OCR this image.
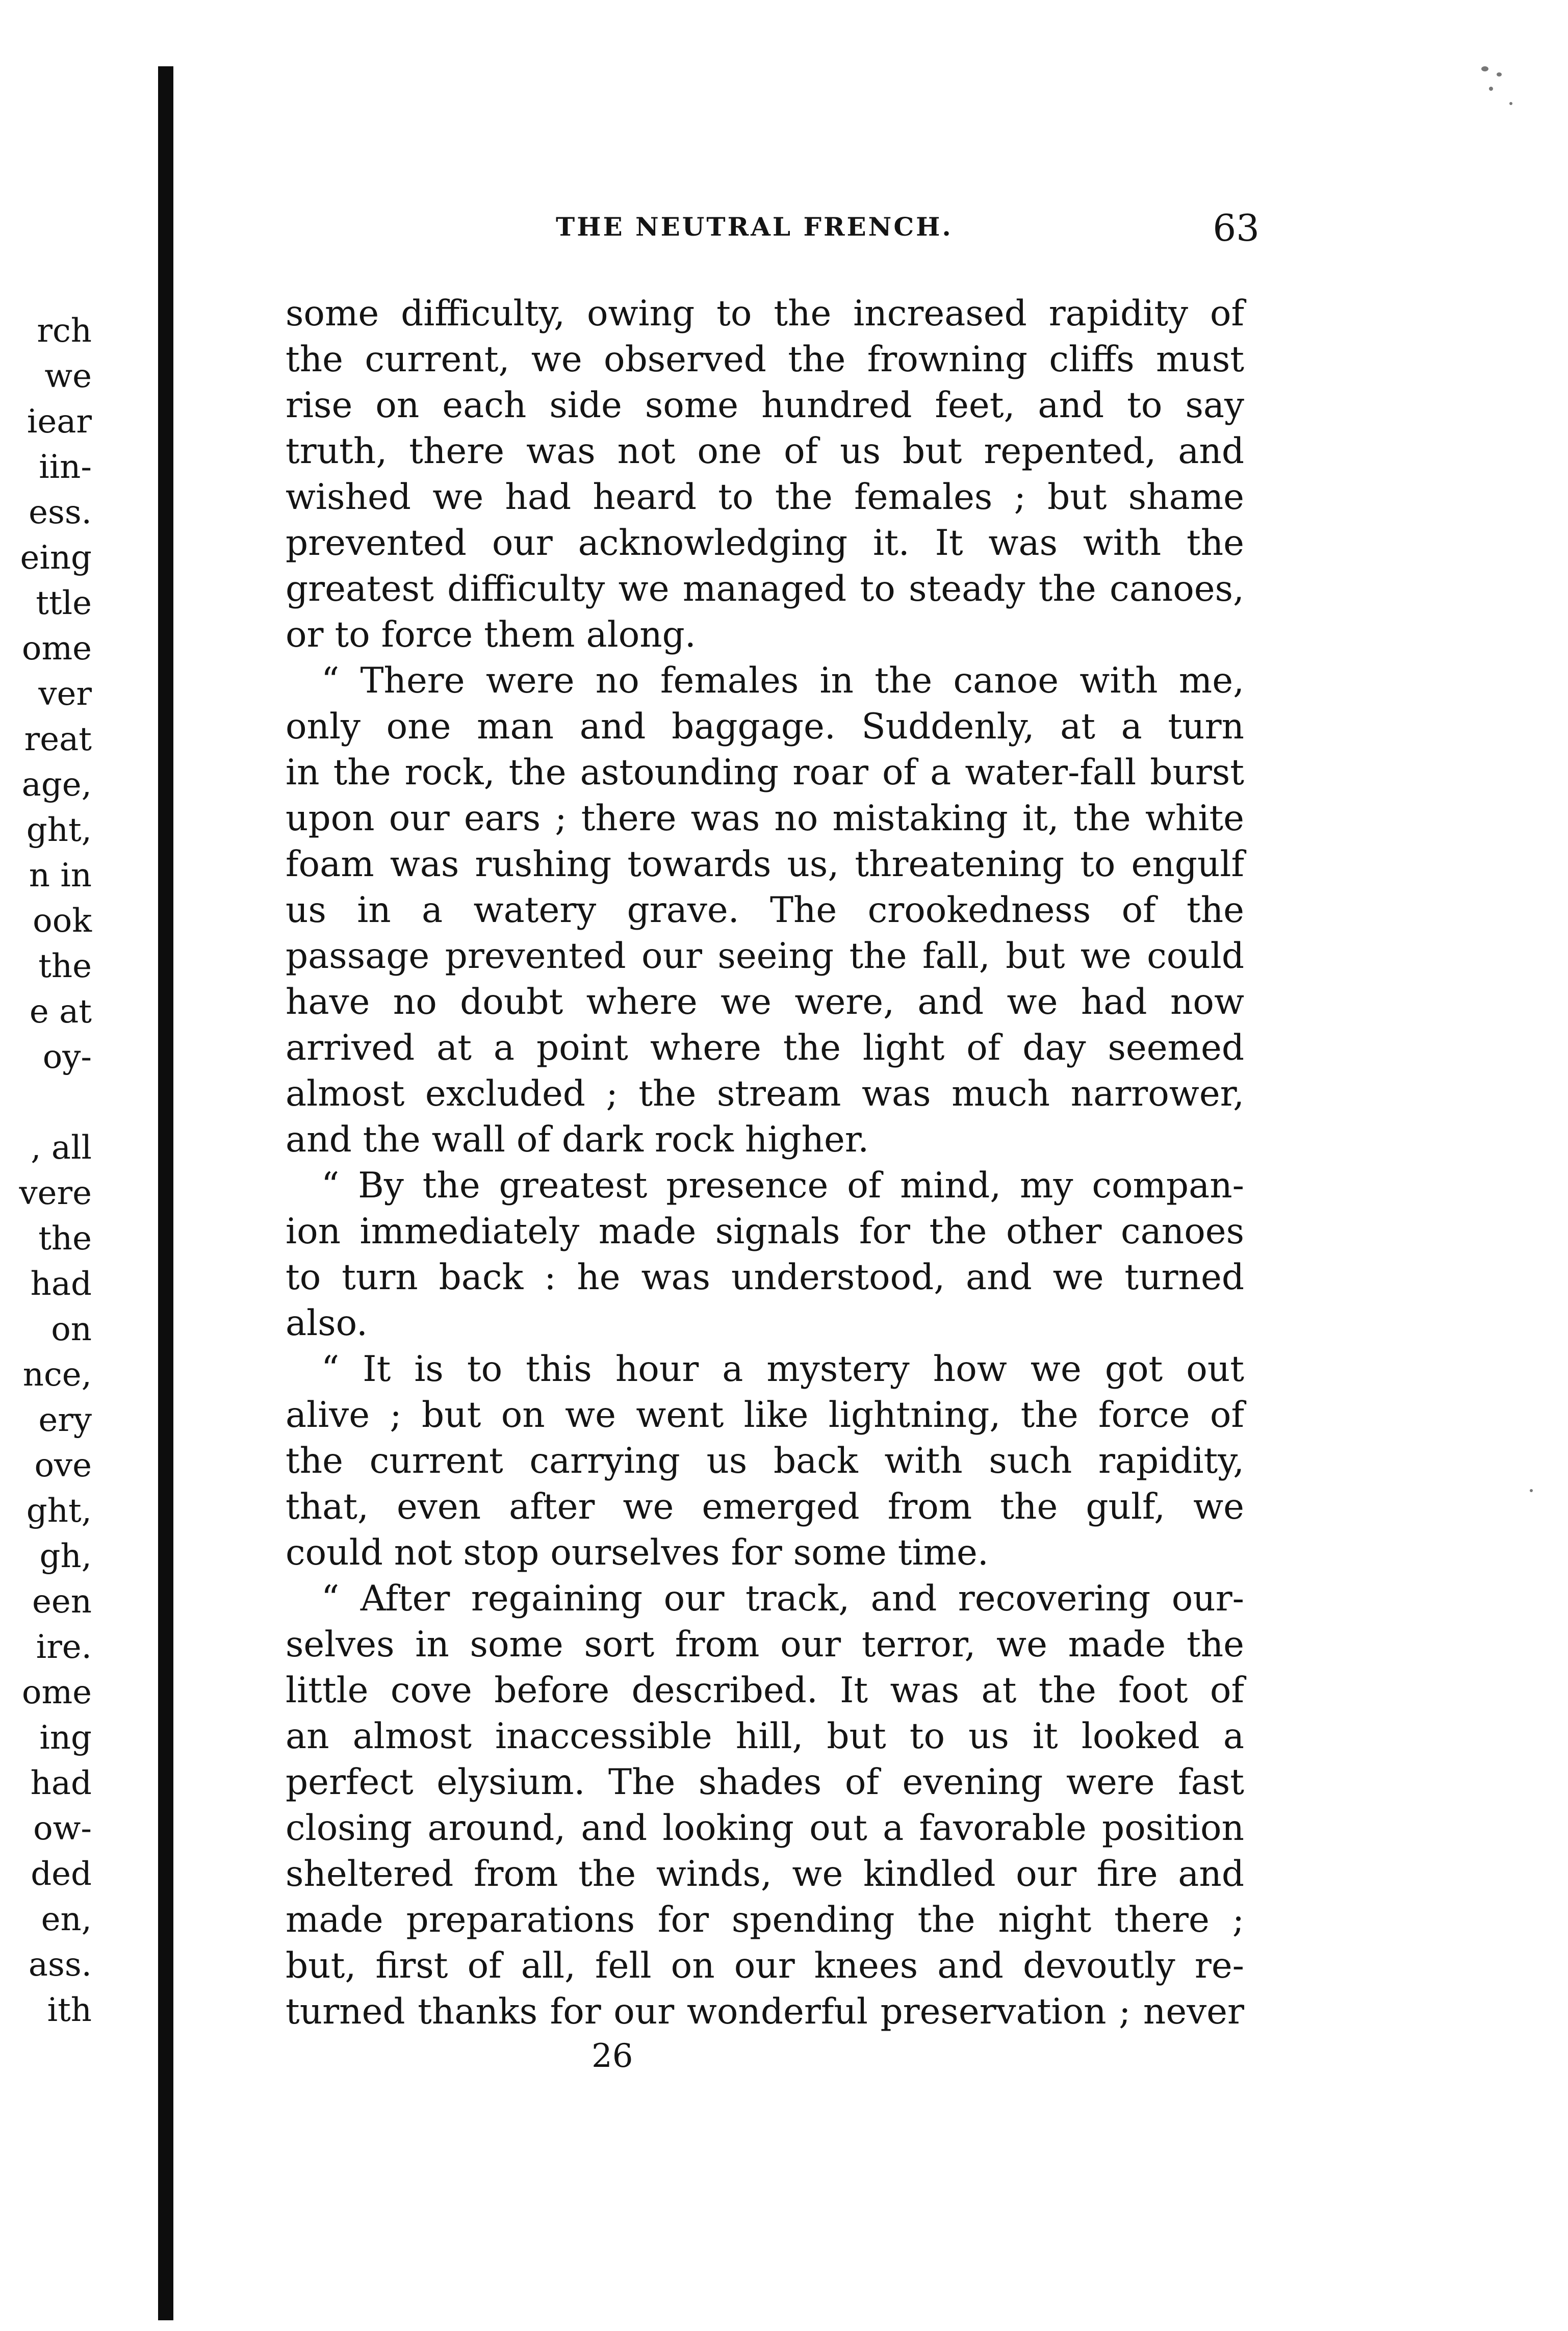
rch
we
iear
iin-
ess.
eing
ttle
ome
ver
reat
age,
ght,
n in
ook
the
e at
oy-
, all
vere
the
had
on
nce,
ery
ove
ght,
gh,
een
ire.
ome
ing
had
ow-
ded
en,
ass.
ith
THE NEUTRAL FRENCH.	63
some difficulty, owing to the increased rapidity of
the current, we observed the frowning cliffs must
rise on each side some hundred feet, and to say
truth, there was not one of us but repented, and
wished we had heard to the females ; but shame
prevented our acknowledging it. It was with the
greatest difficulty we managed to steady the canoes,
or to force them along.
“ There were no females in the canoe with me,
only one man and baggage. Suddenly, at a turn
in the rock, the astounding roar of a water-fall burst
upon our ears ; there was no mistaking it, the white
foam was rushing towards us, threatening to engulf
us in a watery grave. The crookedness of the
passage prevented our seeing the fall, but we could
have no doubt where we were, and we had now
arrived at a point where the light of day seemed
almost excluded ; the stream was much narrower,
and the wall of dark rock higher.
“ By the greatest presence of mind, my compan-
ion immediately made signals for the other canoes
to turn back : he was understood, and we turned
also.
“ It is to this hour a mystery how we got out
alive ; but on we went like lightning, the force of
the current carrying us back with such rapidity,
that, even after we emerged from the gulf, we
could not stop ourselves for some time.
“ After regaining our track, and recovering our-
selves in some sort from our terror, we made the
little cove before described. It was at the foot of
an almost inaccessible hill, but to us it looked a
perfect elysium. The shades of evening were fast
closing around, and looking out a favorable position
sheltered from the winds, we kindled our fire and
made preparations for spending the night there ;
but, first of all, fell on our knees and devoutly re-
turned thanks for our wonderful preservation ; never
26
